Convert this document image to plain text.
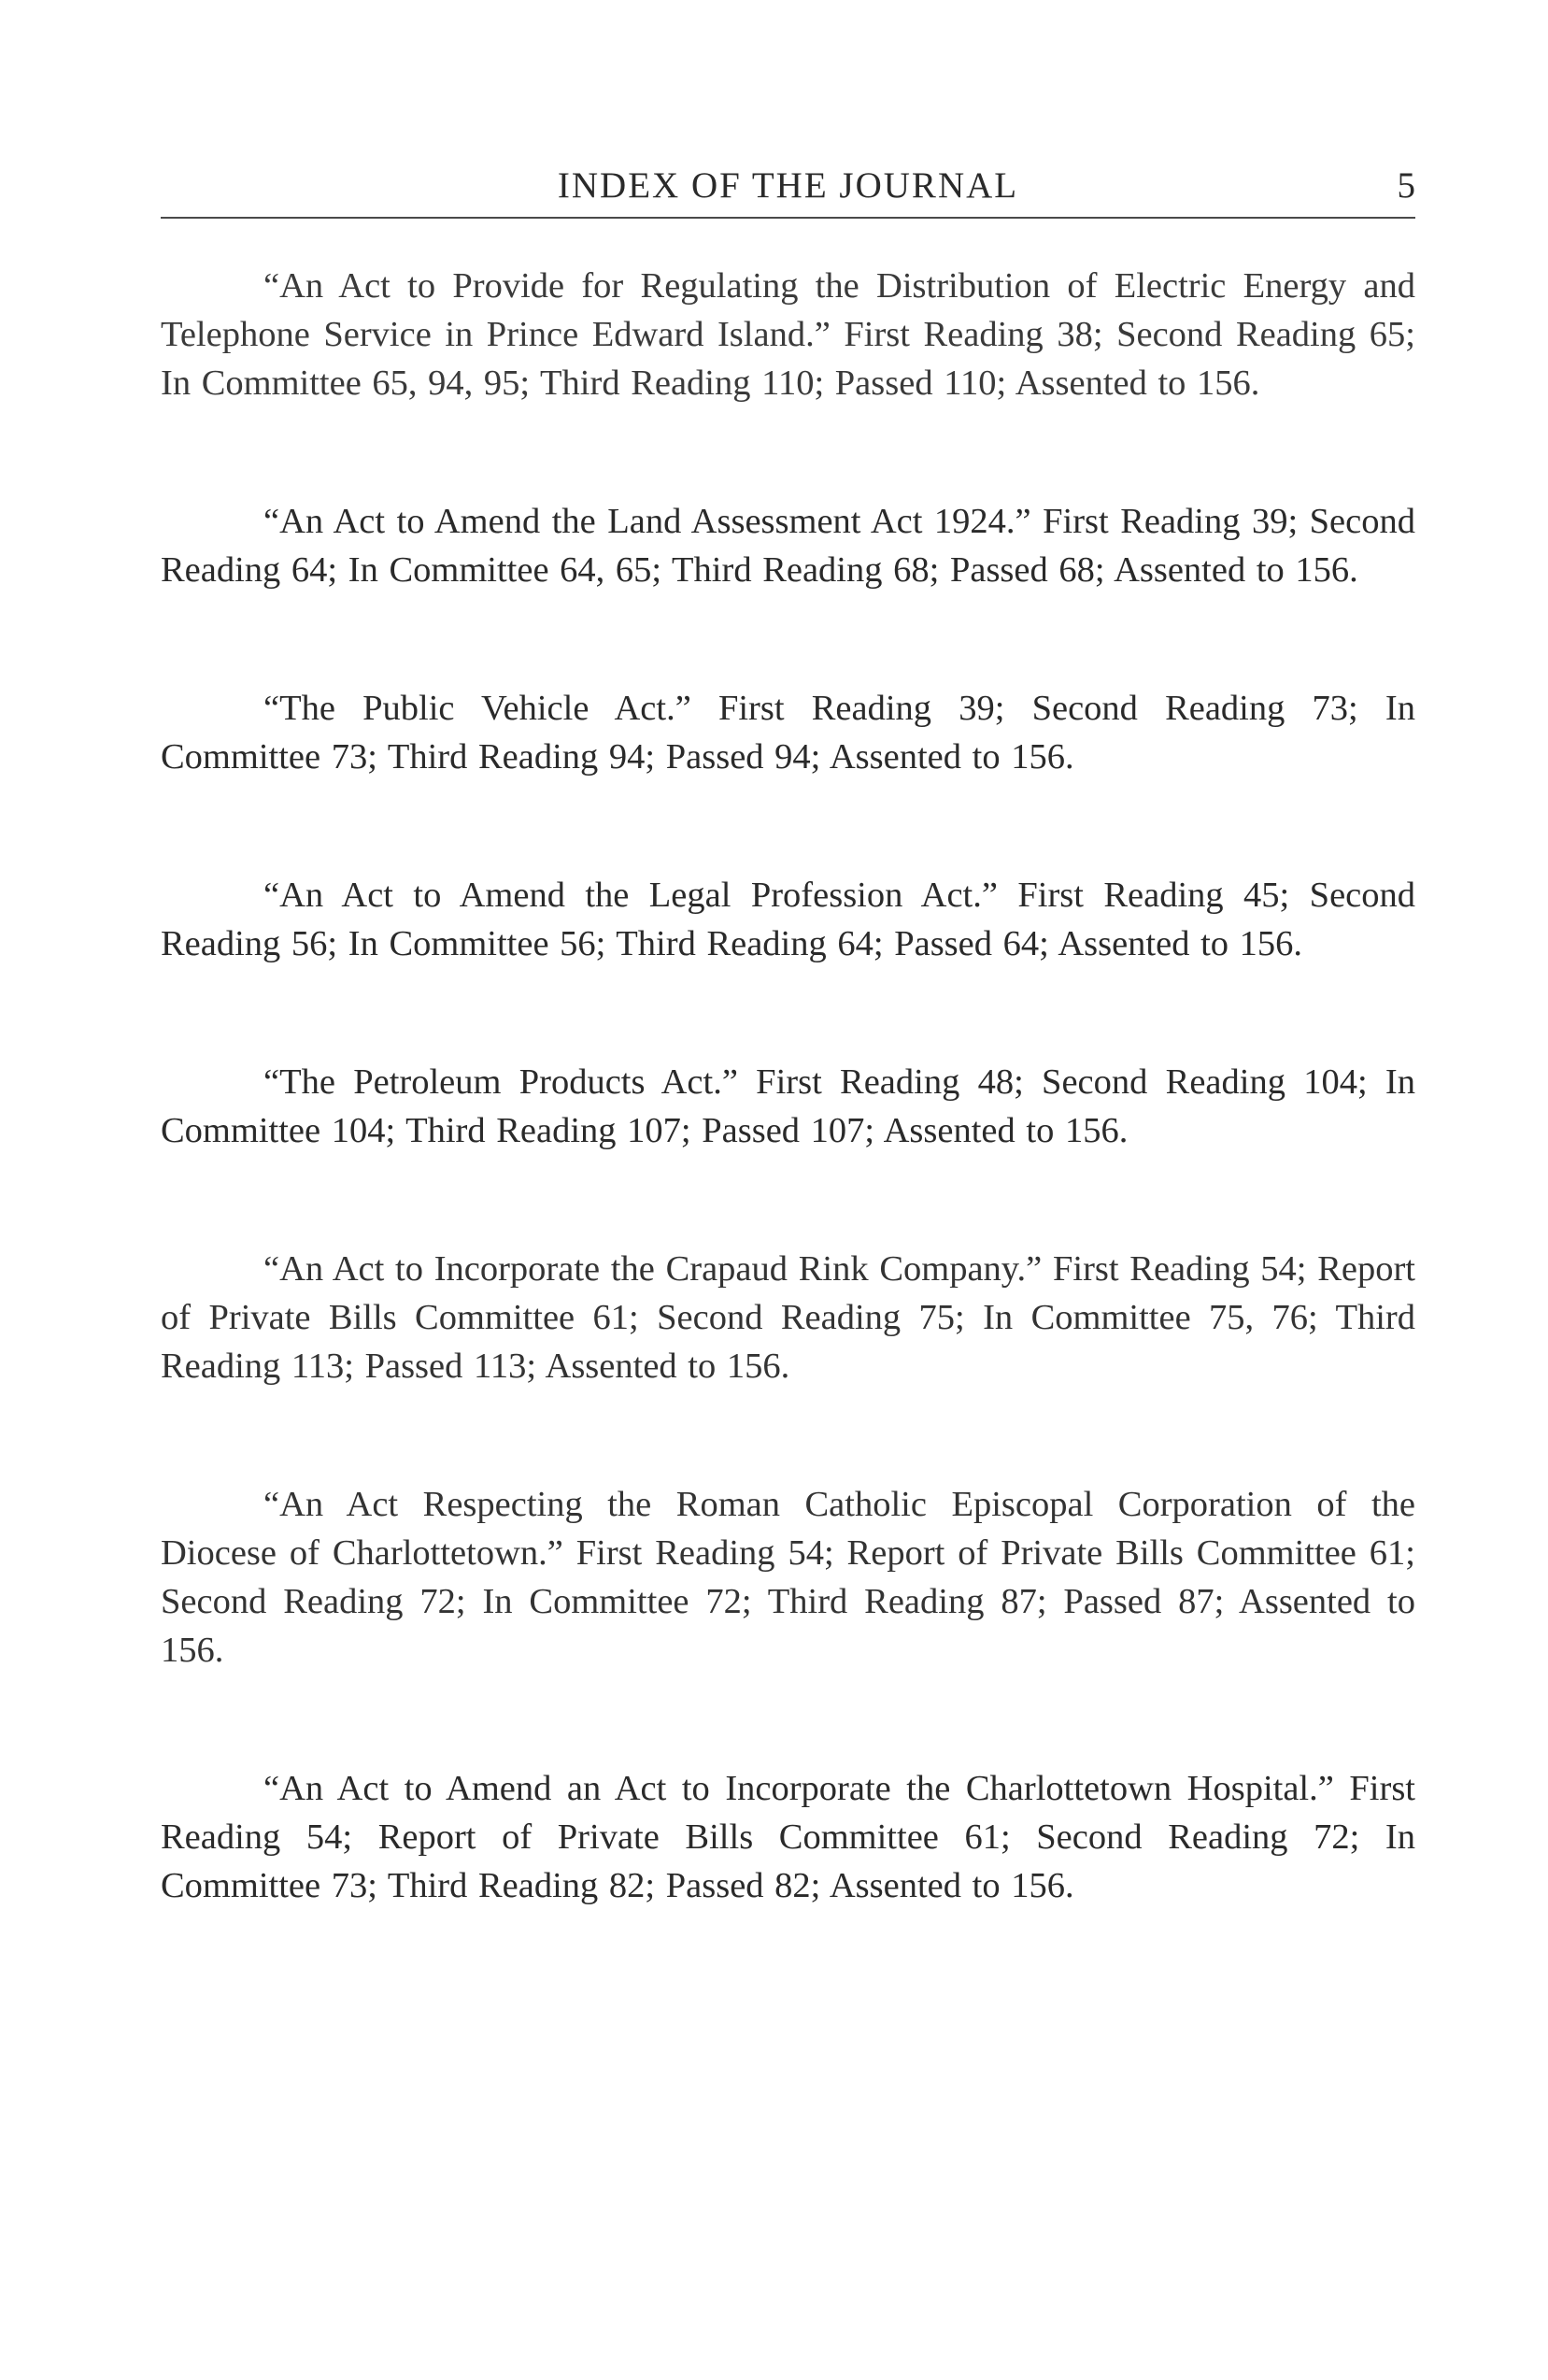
INDEX OF THE JOURNAL	5

“An Act to Provide for Regulating the Distribution of Electric Energy and Telephone Service in Prince Edward Island.” First Reading 38; Second Reading 65; In Committee 65, 94, 95; Third Reading 110; Passed 110; Assented to 156.

“An Act to Amend the Land Assessment Act 1924.” First Reading 39; Second Reading 64; In Committee 64, 65; Third Reading 68; Passed 68; Assented to 156.

“The Public Vehicle Act.” First Reading 39; Second Reading 73; In Committee 73; Third Reading 94; Passed 94; Assented to 156.

“An Act to Amend the Legal Profession Act.” First Reading 45; Second Reading 56; In Committee 56; Third Reading 64; Passed 64; Assented to 156.

“The Petroleum Products Act.” First Reading 48; Second Reading 104; In Committee 104; Third Reading 107; Passed 107; Assented to 156.

“An Act to Incorporate the Crapaud Rink Company.” First Reading 54; Report of Private Bills Committee 61; Second Reading 75; In Committee 75, 76; Third Reading 113; Passed 113; Assented to 156.

“An Act Respecting the Roman Catholic Episcopal Corporation of the Diocese of Charlottetown.” First Reading 54; Report of Private Bills Committee 61; Second Reading 72; In Committee 72; Third Reading 87; Passed 87; Assented to 156.

“An Act to Amend an Act to Incorporate the Charlottetown Hospital.” First Reading 54; Report of Private Bills Committee 61; Second Reading 72; In Committee 73; Third Reading 82; Passed 82; Assented to 156.
